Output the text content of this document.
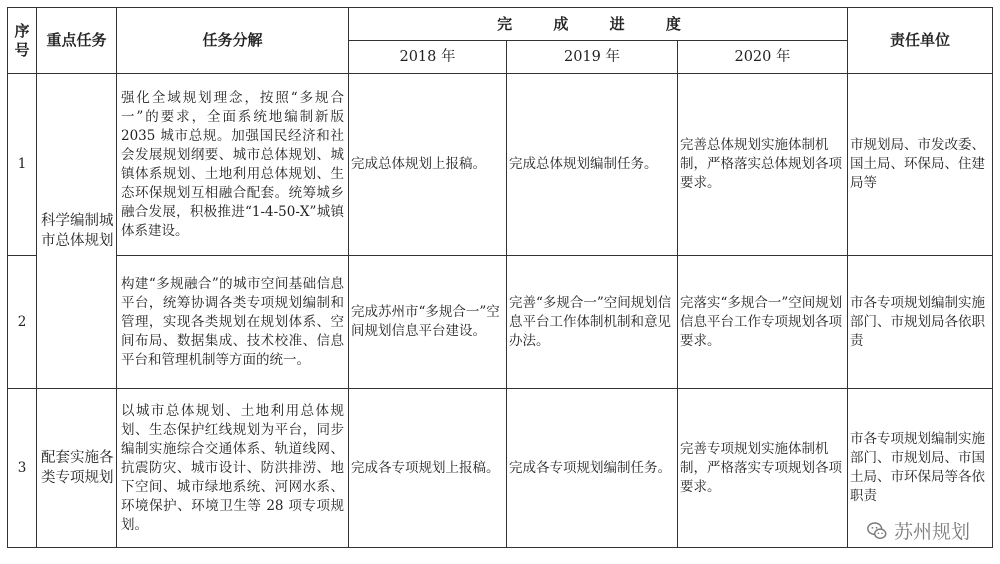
序号	重点任务	任务分解	完 成 进 度			责任单位
			2018 年	2019 年	2020 年	
1	科学编制城市总体规划	强化全域规划理念，按照“多规合一”的要求，全面系统地编制新版2035 城市总规。加强国民经济和社会发展规划纲要、城市总体规划、城镇体系规划、土地利用总体规划、生态环保规划互相融合配套。统筹城乡融合发展，积极推进“1-4-50-X”城镇体系建设。	完成总体规划上报稿。	完成总体规划编制任务。	完善总体规划实施体制机制，严格落实总体规划各项要求。	市规划局、市发改委、国土局、环保局、住建局等
2		构建“多规融合”的城市空间基础信息平台，统筹协调各类专项规划编制和管理，实现各类规划在规划体系、空间布局、数据集成、技术校准、信息平台和管理机制等方面的统一。	完成苏州市“多规合一”空间规划信息平台建设。	完善“多规合一”空间规划信息平台工作体制机制和意见办法。	完落实“多规合一”空间规划信息平台工作专项规划各项要求。	市各专项规划编制实施部门、市规划局各依职责
3	配套实施各类专项规划	以城市总体规划、土地利用总体规划、生态保护红线规划为平台，同步编制实施综合交通体系、轨道线网、抗震防灾、城市设计、防洪排涝、地下空间、城市绿地系统、河网水系、环境保护、环境卫生等 28 项专项规划。	完成各专项规划上报稿。	完成各专项规划编制任务。	完善专项规划实施体制机制，严格落实专项规划各项要求。	市各专项规划编制实施部门、市规划局、市国土局、市环保局等各依职责
苏州规划
